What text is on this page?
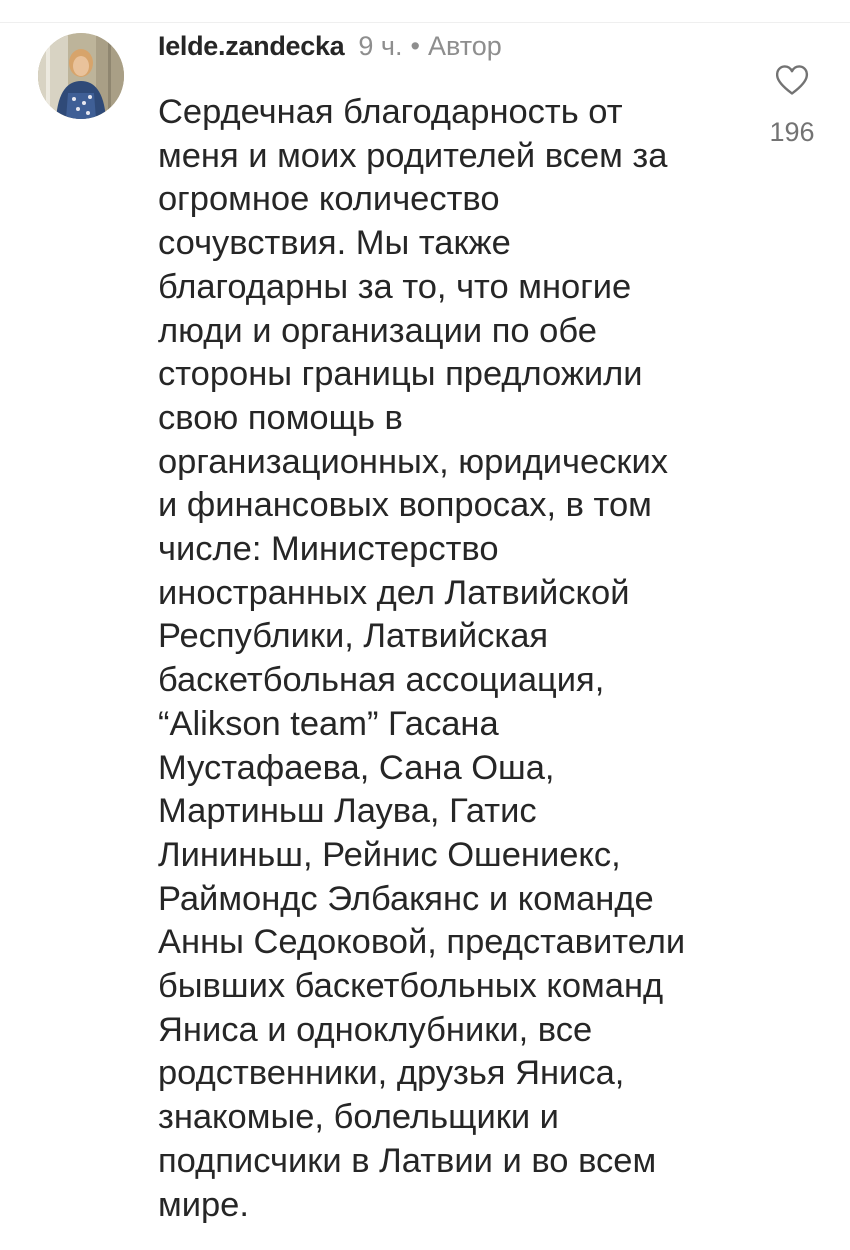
Ielde.zandecka 9 ч. • Автор
Сердечная благодарность от
меня и моих родителей всем за
огромное количество
сочувствия. Мы также
благодарны за то, что многие
люди и организации по обе
стороны границы предложили
свою помощь в
организационных, юридических
и финансовых вопросах, в том
числе: Министерство
иностранных дел Латвийской
Республики, Латвийская
баскетбольная ассоциация,
“Alikson team” Гасана
Мустафаева, Сана Оша,
Мартиньш Лаува, Гатис
Лининьш, Рейнис Ошениекс,
Раймондс Элбакянс и команде
Анны Седоковой, представители
бывших баскетбольных команд
Яниса и одноклубники, все
родственники, друзья Яниса,
знакомые, болельщики и
подписчики в Латвии и во всем
мире.
196
